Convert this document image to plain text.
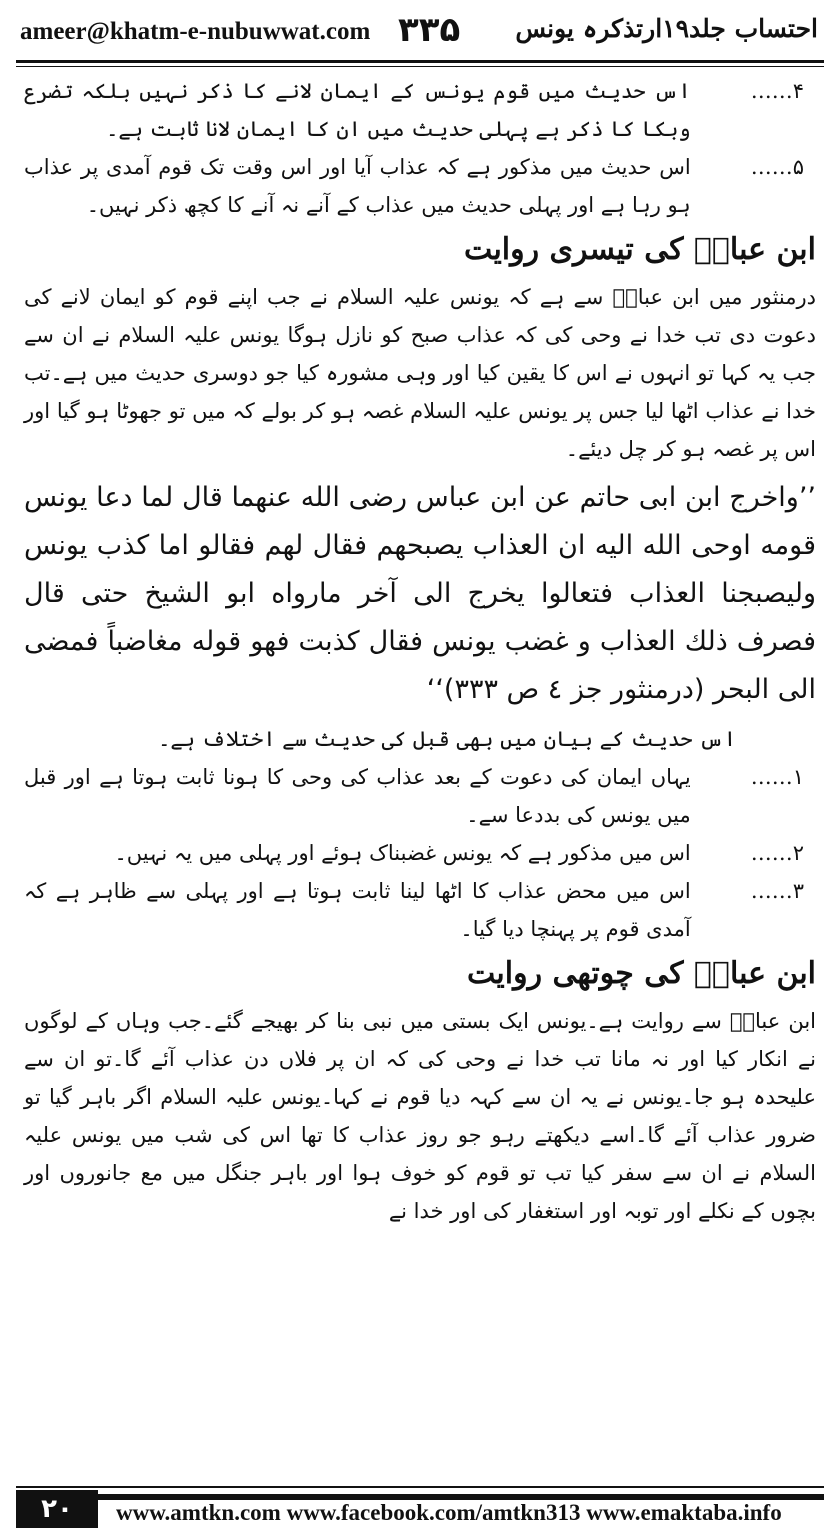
ameer@khatm-e-nubuwwat.com ۳۳۵ احتساب جلد۱۹ارتذکرہ یونس
۴……
اس حدیث میں قوم یونس کے ایمان لانے کا ذکر نہیں بلکہ تضرع وبکا کا ذکر ہے پہلی حدیث میں ان کا ایمان لانا ثابت ہے۔
۵……
اس حدیث میں مذکور ہے کہ عذاب آیا اور اس وقت تک قوم آمدی پر عذاب ہو رہا ہے اور پہلی حدیث میں عذاب کے آنے نہ آنے کا کچھ ذکر نہیں۔
ابن عباسؓ کی تیسری روایت

درمنثور میں ابن عباسؓ سے ہے کہ یونس علیہ السلام نے جب اپنے قوم کو ایمان لانے کی دعوت دی تب خدا نے وحی کی کہ عذاب صبح کو نازل ہوگا یونس علیہ السلام نے ان سے جب یہ کہا تو انہوں نے اس کا یقین کیا اور وہی مشورہ کیا جو دوسری حدیث میں ہے۔تب خدا نے عذاب اٹھا لیا جس پر یونس علیہ السلام غصہ ہو کر بولے کہ میں تو جھوٹا ہو گیا اور اس پر غصہ ہو کر چل دیئے۔

’’واخرج ابن ابی حاتم عن ابن عباس رضی الله عنهما قال لما دعا یونس قومه اوحی الله الیه ان العذاب یصبحهم فقال لهم فقالو اما کذب یونس ولیصبجنا العذاب فتعالوا یخرج الی آخر مارواه ابو الشیخ حتی قال فصرف ذلك العذاب و غضب یونس فقال کذبت فهو قوله مغاضباً فمضی الی البحر (درمنثور جز ٤ ص ٣٣٣)‘‘

اس حدیث کے بیان میں بھی قبل کی حدیث سے اختلاف ہے۔

۱……
یہاں ایمان کی دعوت کے بعد عذاب کی وحی کا ہونا ثابت ہوتا ہے اور قبل میں یونس کی بددعا سے۔
۲……
اس میں مذکور ہے کہ یونس غضبناک ہوئے اور پہلی میں یہ نہیں۔
۳……
اس میں محض عذاب کا اٹھا لینا ثابت ہوتا ہے اور پہلی سے ظاہر ہے کہ آمدی قوم پر پہنچا دیا گیا۔
ابن عباسؓ کی چوتھی روایت

ابن عباسؓ سے روایت ہے۔یونس ایک بستی میں نبی بنا کر بھیجے گئے۔جب وہاں کے لوگوں نے انکار کیا اور نہ مانا تب خدا نے وحی کی کہ ان پر فلاں دن عذاب آئے گا۔تو ان سے علیحدہ ہو جا۔یونس نے یہ ان سے کہہ دیا قوم نے کہا۔یونس علیہ السلام اگر باہر گیا تو ضرور عذاب آئے گا۔اسے دیکھتے رہو جو روز عذاب کا تھا اس کی شب میں یونس علیہ السلام نے ان سے سفر کیا تب تو قوم کو خوف ہوا اور باہر جنگل میں مع جانوروں اور بچوں کے نکلے اور توبہ اور استغفار کی اور خدا نے

۲۰	www.amtkn.com www.facebook.com/amtkn313 www.emaktaba.info
